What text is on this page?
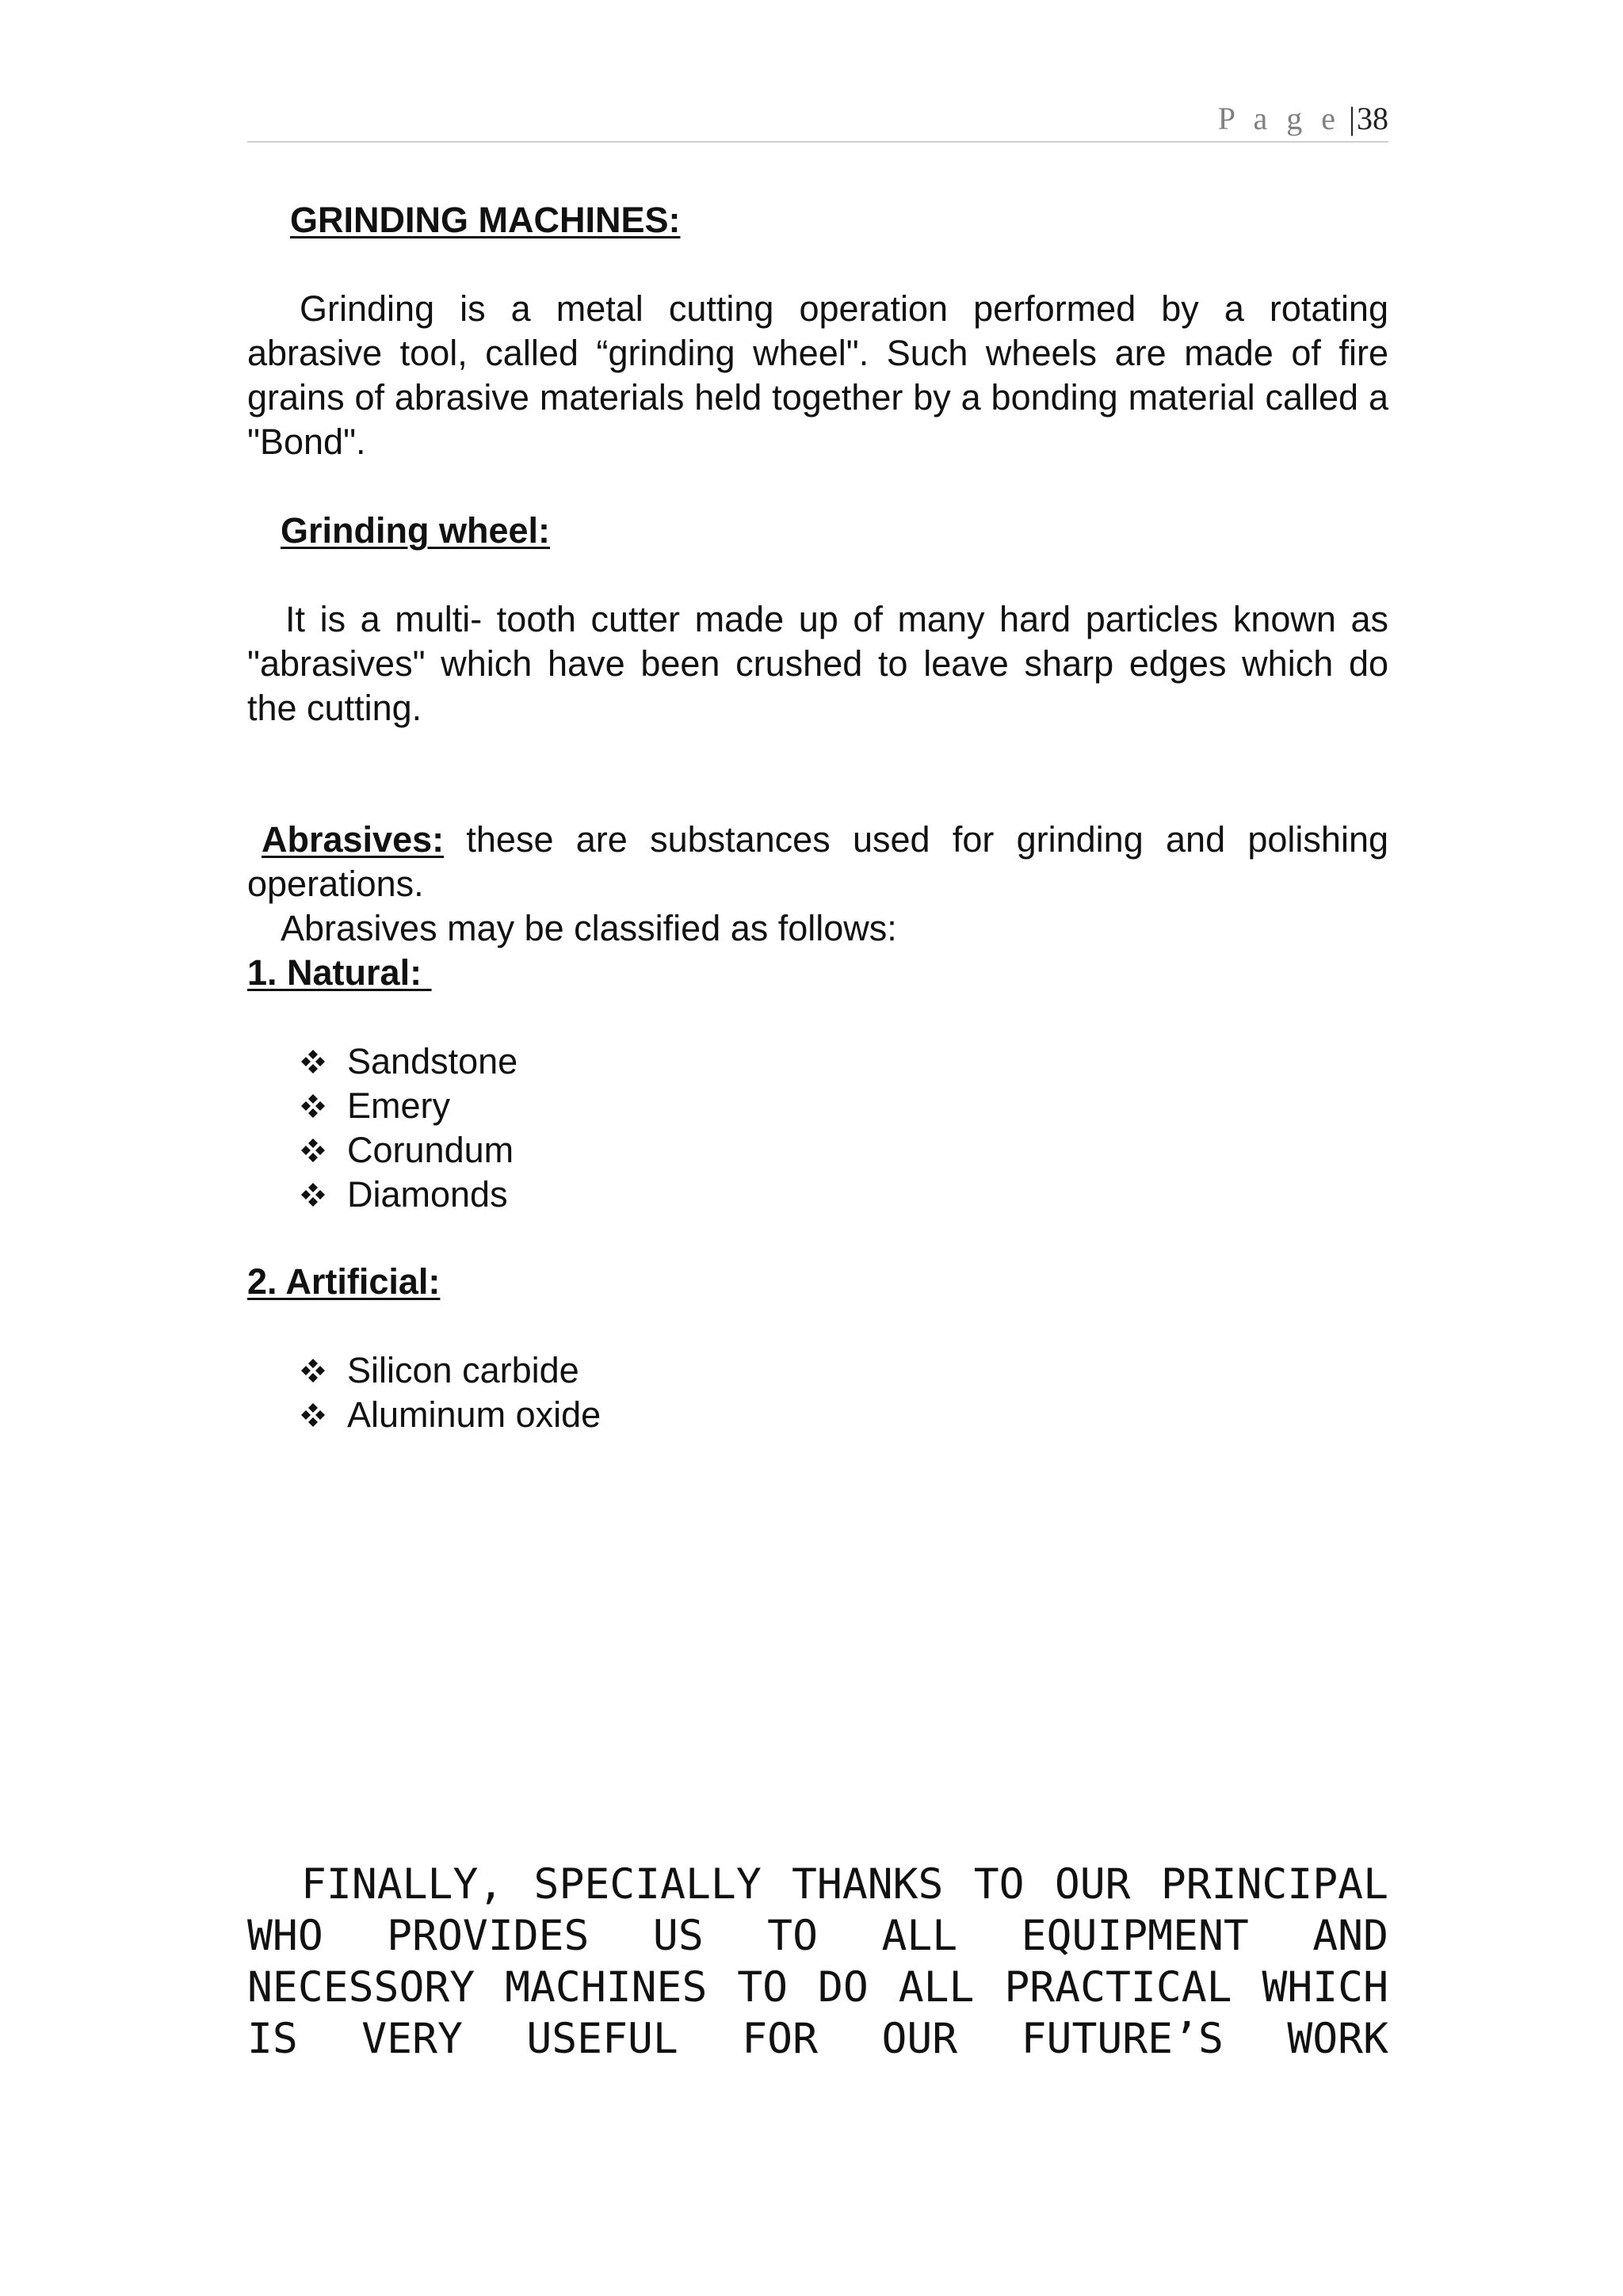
P a g e |38
GRINDING MACHINES:
Grinding is a metal cutting operation performed by a rotating abrasive tool, called “grinding wheel". Such wheels are made of fire grains of abrasive materials held together by a bonding material called a "Bond".
Grinding wheel:
It is a multi- tooth cutter made up of many hard particles known as "abrasives" which have been crushed to leave sharp edges which do the cutting.
Abrasives: these are substances used for grinding and polishing operations.
Abrasives may be classified as follows:
1. Natural:
Sandstone
Emery
Corundum
Diamonds
2. Artificial:
Silicon carbide
Aluminum oxide
FINALLY, SPECIALLY THANKS TO OUR PRINCIPAL WHO PROVIDES US TO ALL EQUIPMENT AND NECESSORY MACHINES TO DO ALL PRACTICAL WHICH IS VERY USEFUL FOR OUR FUTURE’S WORK
